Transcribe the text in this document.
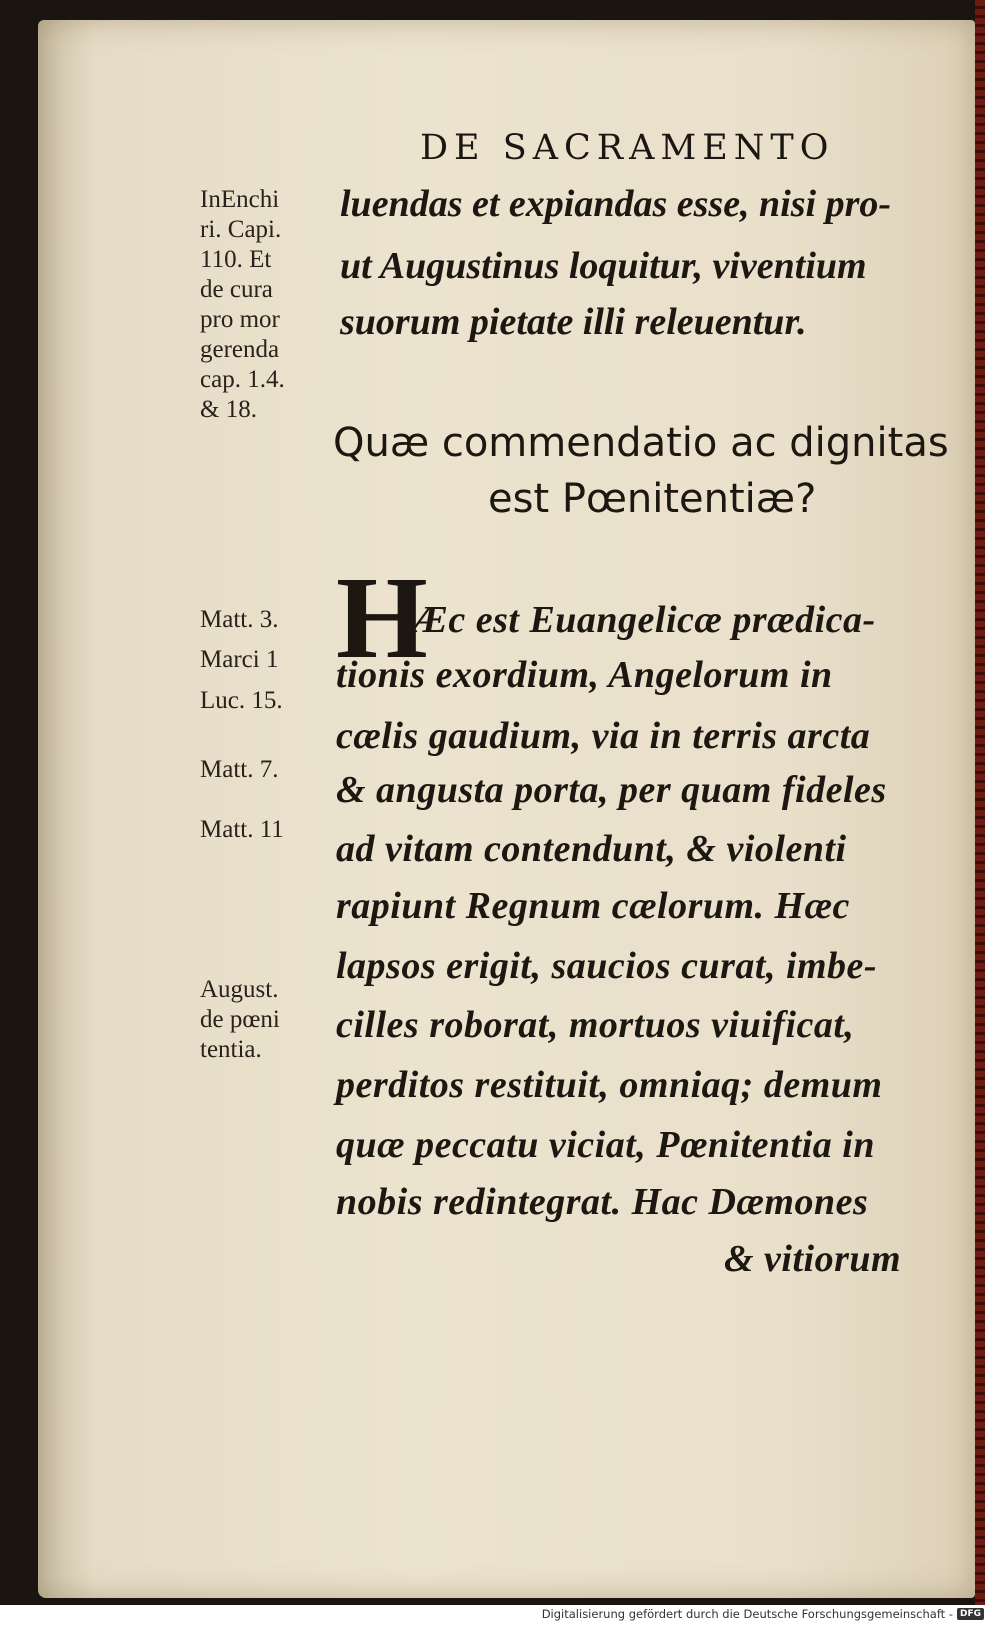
DE SACRAMENTO
InEnchi
ri. Capi.
110. Et
de cura
pro mor
gerenda
cap. 1.4.
& 18.
Matt. 3.
Marci 1
Luc. 15.
Matt. 7.
Matt. 11
August.
de pœni
tentia.
luendas et expiandas esse, nisi pro-
ut Augustinus loquitur, viventium
suorum pietate illi releuentur.
Quæ commendatio ac dignitas
est Pœnitentiæ?
H
Æc est Euangelicæ prædica-
tionis exordium, Angelorum in
cælis gaudium, via in terris arcta
& angusta porta, per quam fideles
ad vitam contendunt, & violenti
rapiunt Regnum cælorum. Hæc
lapsos erigit, saucios curat, imbe-
cilles roborat, mortuos viuificat,
perditos restituit, omniaq; demum
quæ peccatu viciat, Pœnitentia in
nobis redintegrat. Hac Dæmones
& vitiorum
Digitalisierung gefördert durch die Deutsche Forschungsgemeinschaft - DFG
